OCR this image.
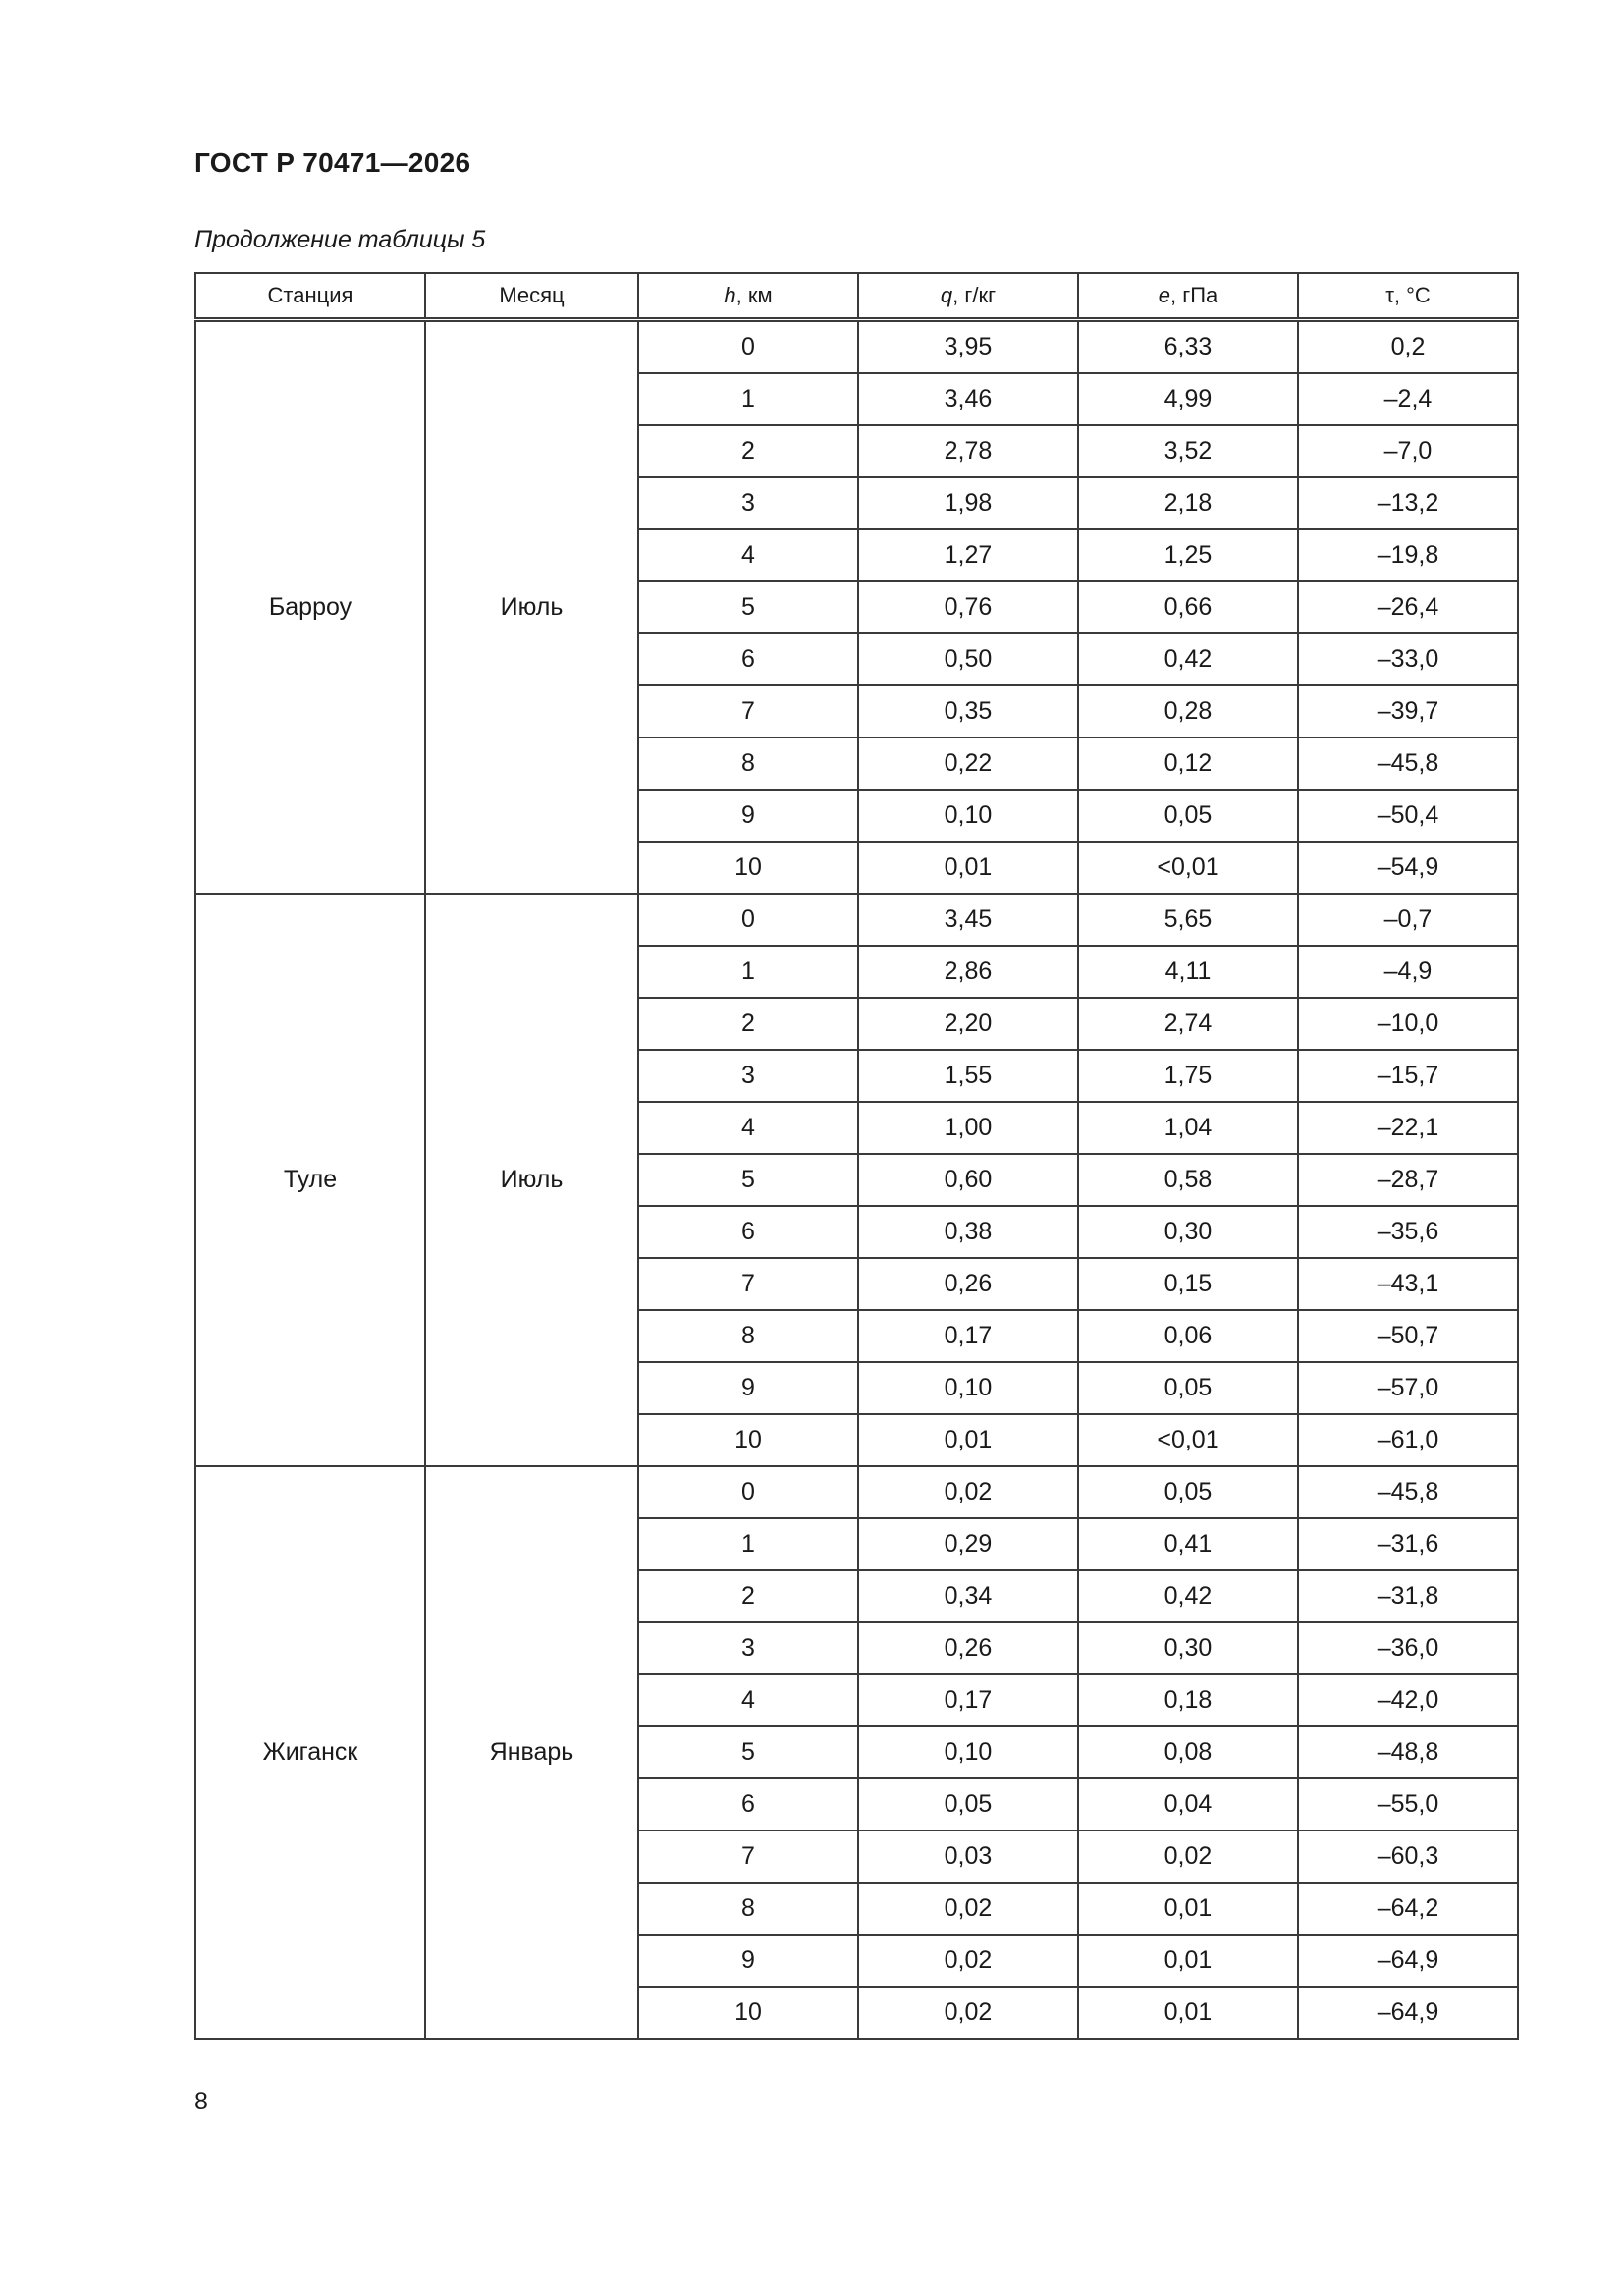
ГОСТ Р 70471—2026
Продолжение таблицы 5
Станция	Месяц	h, км	q, г/кг	e, гПа	τ, °C
Барроу	Июль	0	3,95	6,33	0,2
		1	3,46	4,99	–2,4
		2	2,78	3,52	–7,0
		3	1,98	2,18	–13,2
		4	1,27	1,25	–19,8
		5	0,76	0,66	–26,4
		6	0,50	0,42	–33,0
		7	0,35	0,28	–39,7
		8	0,22	0,12	–45,8
		9	0,10	0,05	–50,4
		10	0,01	<0,01	–54,9
Туле	Июль	0	3,45	5,65	–0,7
		1	2,86	4,11	–4,9
		2	2,20	2,74	–10,0
		3	1,55	1,75	–15,7
		4	1,00	1,04	–22,1
		5	0,60	0,58	–28,7
		6	0,38	0,30	–35,6
		7	0,26	0,15	–43,1
		8	0,17	0,06	–50,7
		9	0,10	0,05	–57,0
		10	0,01	<0,01	–61,0
Жиганск	Январь	0	0,02	0,05	–45,8
		1	0,29	0,41	–31,6
		2	0,34	0,42	–31,8
		3	0,26	0,30	–36,0
		4	0,17	0,18	–42,0
		5	0,10	0,08	–48,8
		6	0,05	0,04	–55,0
		7	0,03	0,02	–60,3
		8	0,02	0,01	–64,2
		9	0,02	0,01	–64,9
		10	0,02	0,01	–64,9
8
